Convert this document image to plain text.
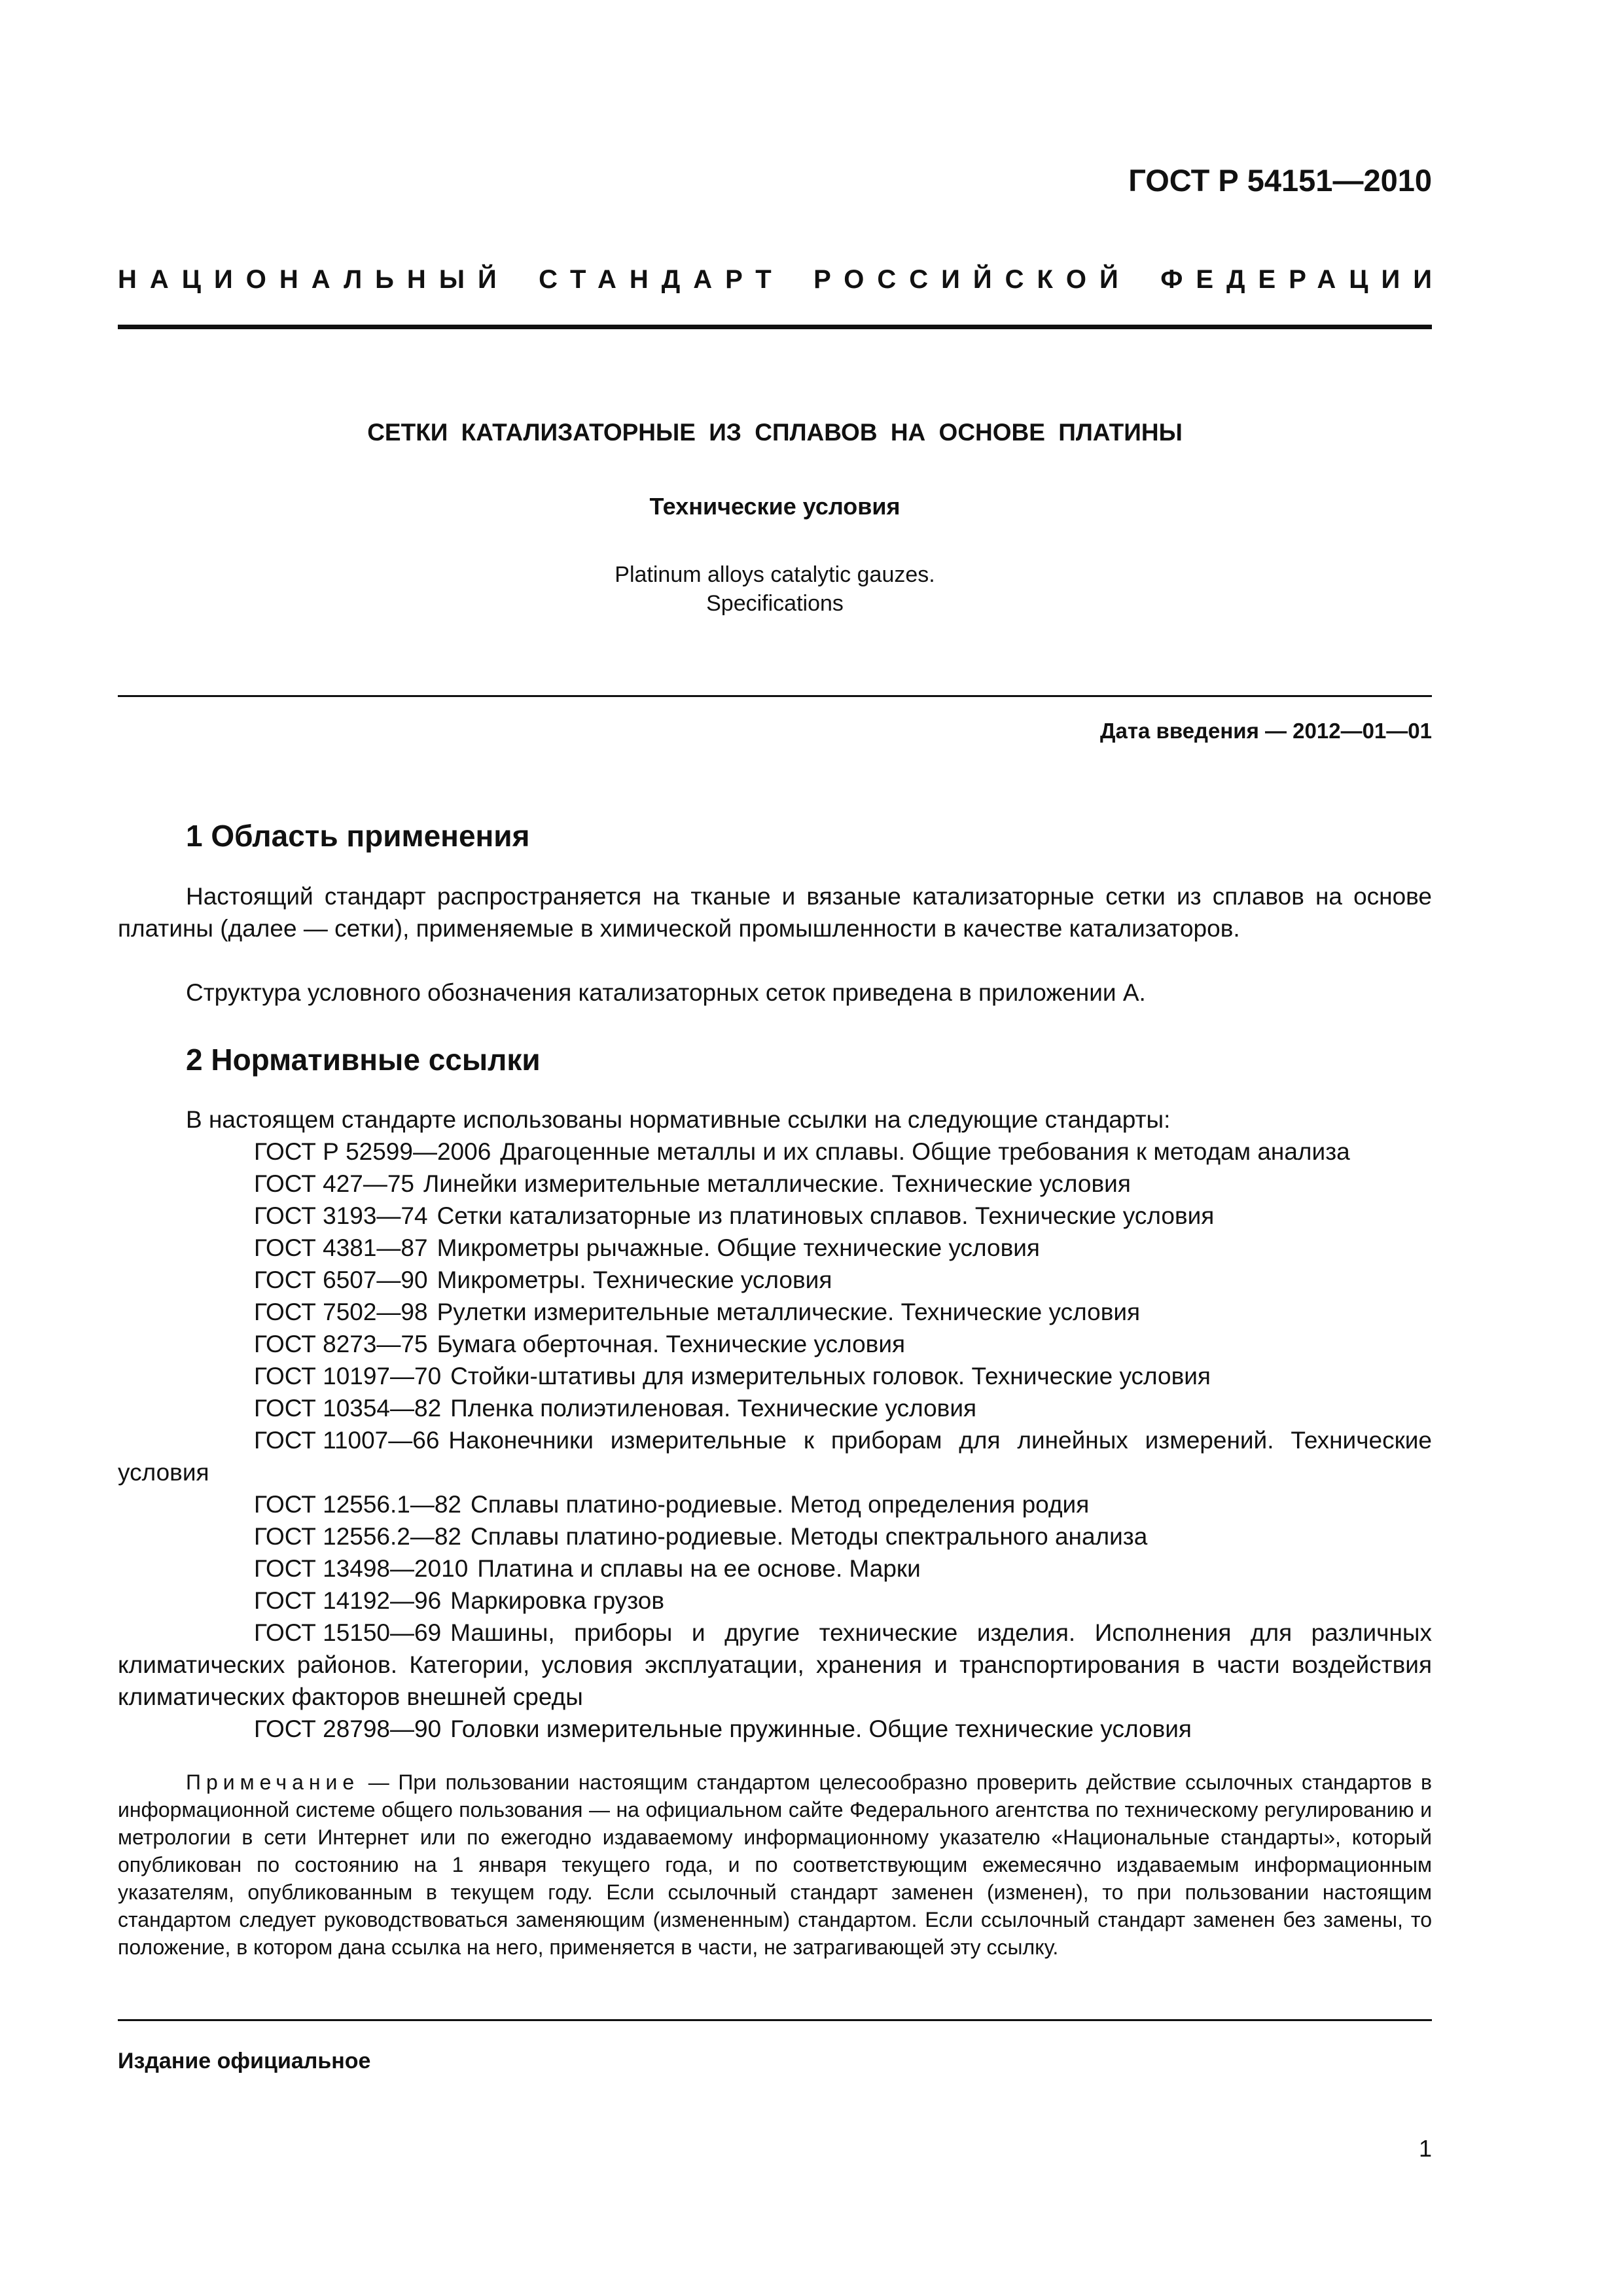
ГОСТ Р 54151—2010
НАЦИОНАЛЬНЫЙ СТАНДАРТ РОССИЙСКОЙ ФЕДЕРАЦИИ
СЕТКИ КАТАЛИЗАТОРНЫЕ ИЗ СПЛАВОВ НА ОСНОВЕ ПЛАТИНЫ
Технические условия
Platinum alloys catalytic gauzes.
Specifications
Дата введения — 2012—01—01
1 Область применения

Настоящий стандарт распространяется на тканые и вязаные катализаторные сетки из сплавов на основе платины (далее — сетки), применяемые в химической промышленности в качестве катализаторов.

Структура условного обозначения катализаторных сеток приведена в приложении А.
2 Нормативные ссылки
В настоящем стандарте использованы нормативные ссылки на следующие стандарты:
ГОСТ Р 52599—2006 Драгоценные металлы и их сплавы. Общие требования к методам анализа
ГОСТ 427—75 Линейки измерительные металлические. Технические условия
ГОСТ 3193—74 Сетки катализаторные из платиновых сплавов. Технические условия
ГОСТ 4381—87 Микрометры рычажные. Общие технические условия
ГОСТ 6507—90 Микрометры. Технические условия
ГОСТ 7502—98 Рулетки измерительные металлические. Технические условия
ГОСТ 8273—75 Бумага оберточная. Технические условия
ГОСТ 10197—70 Стойки-штативы для измерительных головок. Технические условия
ГОСТ 10354—82 Пленка полиэтиленовая. Технические условия

ГОСТ 11007—66 Наконечники измерительные к приборам для линейных измерений. Технические условия

ГОСТ 12556.1—82 Сплавы платино-родиевые. Метод определения родия
ГОСТ 12556.2—82 Сплавы платино-родиевые. Методы спектрального анализа
ГОСТ 13498—2010 Платина и сплавы на ее основе. Марки
ГОСТ 14192—96 Маркировка грузов

ГОСТ 15150—69 Машины, приборы и другие технические изделия. Исполнения для различных климатических районов. Категории, условия эксплуатации, хранения и транспортирования в части воздействия климатических факторов внешней среды

ГОСТ 28798—90 Головки измерительные пружинные. Общие технические условия

Примечание — При пользовании настоящим стандартом целесообразно проверить действие ссылочных стандартов в информационной системе общего пользования — на официальном сайте Федерального агентства по техническому регулированию и метрологии в сети Интернет или по ежегодно издаваемому информационному указателю «Национальные стандарты», который опубликован по состоянию на 1 января текущего года, и по соответствующим ежемесячно издаваемым информационным указателям, опубликованным в текущем году. Если ссылочный стандарт заменен (изменен), то при пользовании настоящим стандартом следует руководствоваться заменяющим (измененным) стандартом. Если ссылочный стандарт заменен без замены, то положение, в котором дана ссылка на него, применяется в части, не затрагивающей эту ссылку.

Издание официальное
1
